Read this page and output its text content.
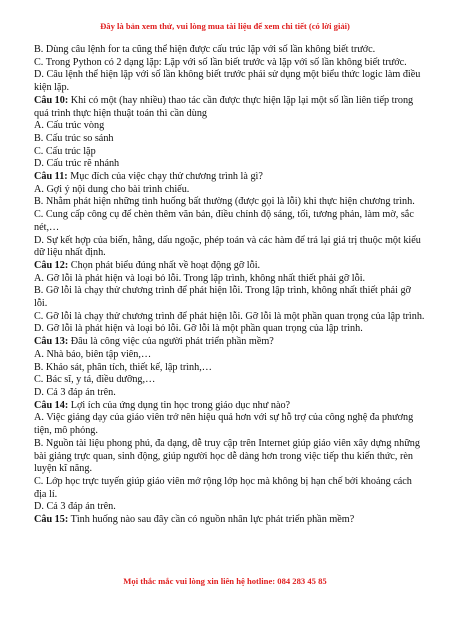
Đây là bản xem thử, vui lòng mua tài liệu để xem chi tiết (có lời giải)

B. Dùng câu lệnh for ta cũng thể hiện được cấu trúc lặp với số lần không biết trước.

C. Trong Python có 2 dạng lặp: Lặp với số lần biết trước và lặp với số lần không biết trước.

D. Câu lệnh thể hiện lặp với số lần không biết trước phải sử dụng một biểu thức logic làm điều kiện lặp.

Câu 10: Khi có một (hay nhiều) thao tác cần được thực hiện lặp lại một số lần liên tiếp trong quá trình thực hiện thuật toán thì cần dùng

A. Cấu trúc vòng

B. Cấu trúc so sánh

C. Cấu trúc lặp

D. Cấu trúc rẽ nhánh

Câu 11: Mục đích của việc chạy thử chương trình là gì?

A. Gợi ý nội dung cho bài trình chiếu.

B. Nhằm phát hiện những tình huống bất thường (được gọi là lỗi) khi thực hiện chương trình.

C. Cung cấp công cụ để chèn thêm văn bản, điều chỉnh độ sáng, tối, tương phản, làm mờ, sắc nét,…

D. Sự kết hợp của biến, hằng, dấu ngoặc, phép toán và các hàm để trả lại giá trị thuộc một kiểu dữ liệu nhất định.

Câu 12: Chọn phát biểu đúng nhất về hoạt động gỡ lỗi.

A. Gỡ lỗi là phát hiện và loại bỏ lỗi. Trong lập trình, không nhất thiết phải gỡ lỗi.

B. Gỡ lỗi là chạy thử chương trình để phát hiện lỗi. Trong lập trình, không nhất thiết phải gỡ lỗi.

C. Gỡ lỗi là chạy thử chương trình để phát hiện lỗi. Gỡ lỗi là một phần quan trọng của lập trình.

D. Gỡ lỗi là phát hiện và loại bỏ lỗi. Gỡ lỗi là một phần quan trọng của lập trình.

Câu 13: Đâu là công việc của người phát triển phần mềm?

A. Nhà báo, biên tập viên,…

B. Khảo sát, phân tích, thiết kế, lập trình,…

C. Bác sĩ, y tá, điều dưỡng,…

D. Cả 3 đáp án trên.

Câu 14: Lợi ích của ứng dụng tin học trong giáo dục như nào?

A. Việc giảng dạy của giáo viên trở nên hiệu quả hơn với sự hỗ trợ của công nghệ đa phương tiện, mô phỏng.

B. Nguồn tài liệu phong phú, đa dạng, dễ truy cập trên Internet giúp giáo viên xây dựng những bài giảng trực quan, sinh động, giúp người học dễ dàng hơn trong việc tiếp thu kiến thức, rèn luyện kĩ năng.

C. Lớp học trực tuyến giúp giáo viên mở rộng lớp học mà không bị hạn chế bởi khoảng cách địa lí.

D. Cả 3 đáp án trên.

Câu 15: Tình huống nào sau đây cần có nguồn nhân lực phát triển phần mềm?

Mọi thắc mắc vui lòng xin liên hệ hotline: 084 283 45 85
